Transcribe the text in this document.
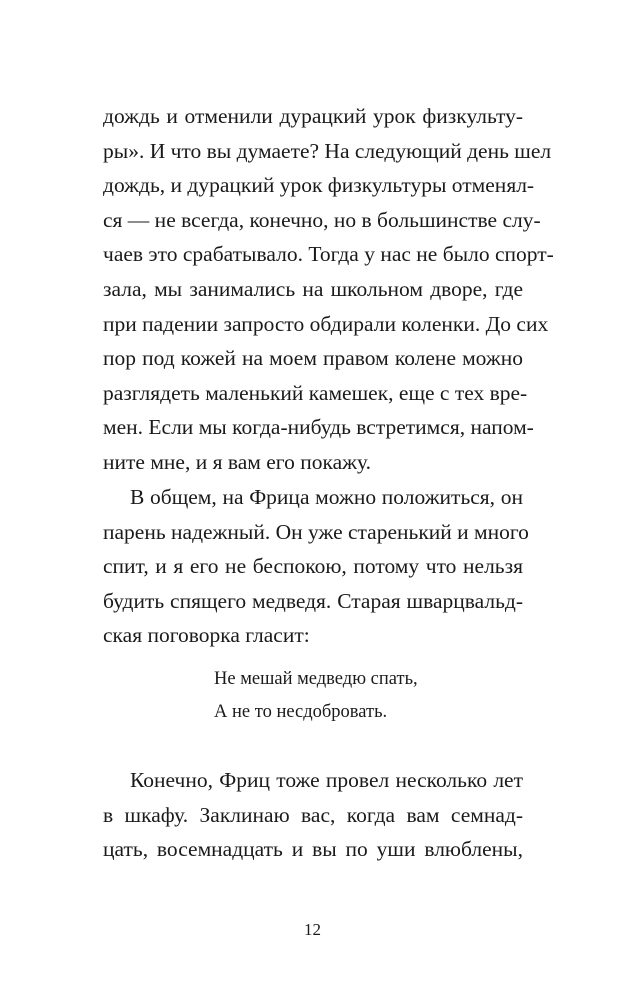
дождь и отменили дурацкий урок физкульту-
ры». И что вы думаете? На следующий день шел
дождь, и дурацкий урок физкультуры отменял-
ся — не всегда, конечно, но в большинстве слу-
чаев это срабатывало. Тогда у нас не было спорт-
зала, мы занимались на школьном дворе, где
при падении запросто обдирали коленки. До сих
пор под кожей на моем правом колене можно
разглядеть маленький камешек, еще с тех вре-
мен. Если мы когда-нибудь встретимся, напом-
ните мне, и я вам его покажу.
В общем, на Фрица можно положиться, он
парень надежный. Он уже старенький и много
спит, и я его не беспокою, потому что нельзя
будить спящего медведя. Старая шварцвальд-
ская поговорка гласит:
Не мешай медведю спать,
А не то несдобровать.
Конечно, Фриц тоже провел несколько лет
в шкафу. Заклинаю вас, когда вам семнад-
цать, восемнадцать и вы по уши влюблены,
12
